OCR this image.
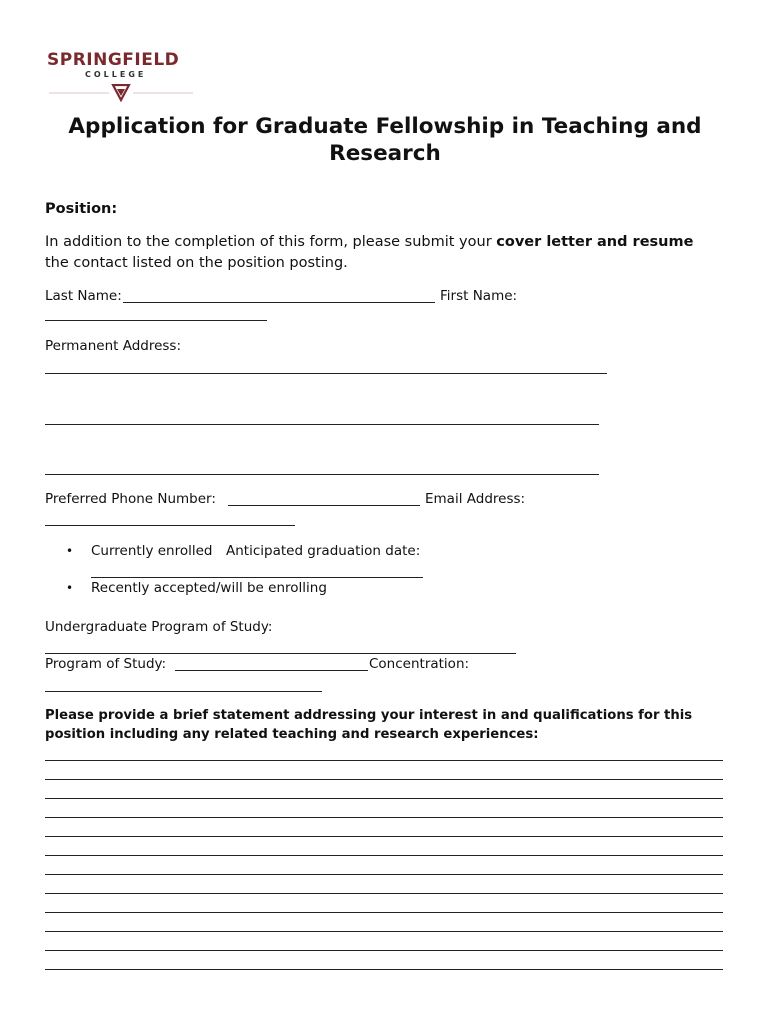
SPRINGFIELD
COLLEGE
Application for Graduate Fellowship in Teaching and Research
Position:
In addition to the completion of this form, please submit your cover letter and resume
the contact listed on the position posting.
Last Name:	First Name:
Permanent Address:
Preferred Phone Number:	Email Address:
• Currently enrolled Anticipated graduation date:
• Recently accepted/will be enrolling
Undergraduate Program of Study:
Program of Study:	Concentration:
Please provide a brief statement addressing your interest in and qualifications for this
position including any related teaching and research experiences:
